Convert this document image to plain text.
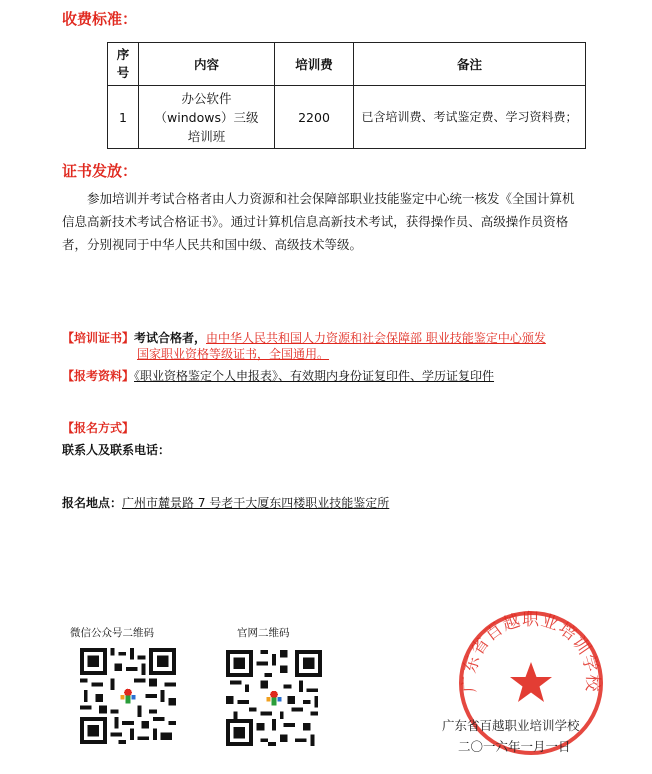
收费标准：
序号	内容	培训费	备注
1	办公软件
（windows）三级
培训班	2200	已含培训费、考试鉴定费、学习资料费；
证书发放：
参加培训并考试合格者由人力资源和社会保障部职业技能鉴定中心统一核发《全国计算机信息高新技术考试合格证书》。通过计算机信息高新技术考试，获得操作员、高级操作员资格者，分别视同于中华人民共和国中级、高级技术等级。
【培训证书】考试合格者，由中华人民共和国人力资源和社会保障部 职业技能鉴定中心颁发
国家职业资格等级证书，全国通用。
【报考资料】《职业资格鉴定个人申报表》、有效期内身份证复印件、学历证复印件
【报名方式】
联系人及联系电话：
报名地点：广州市麓景路 7 号老干大厦东四楼职业技能鉴定所
微信公众号二维码	官网二维码
广东省百越职业培训学校
广东省百越职业培训学校
二〇一六年一月一日
